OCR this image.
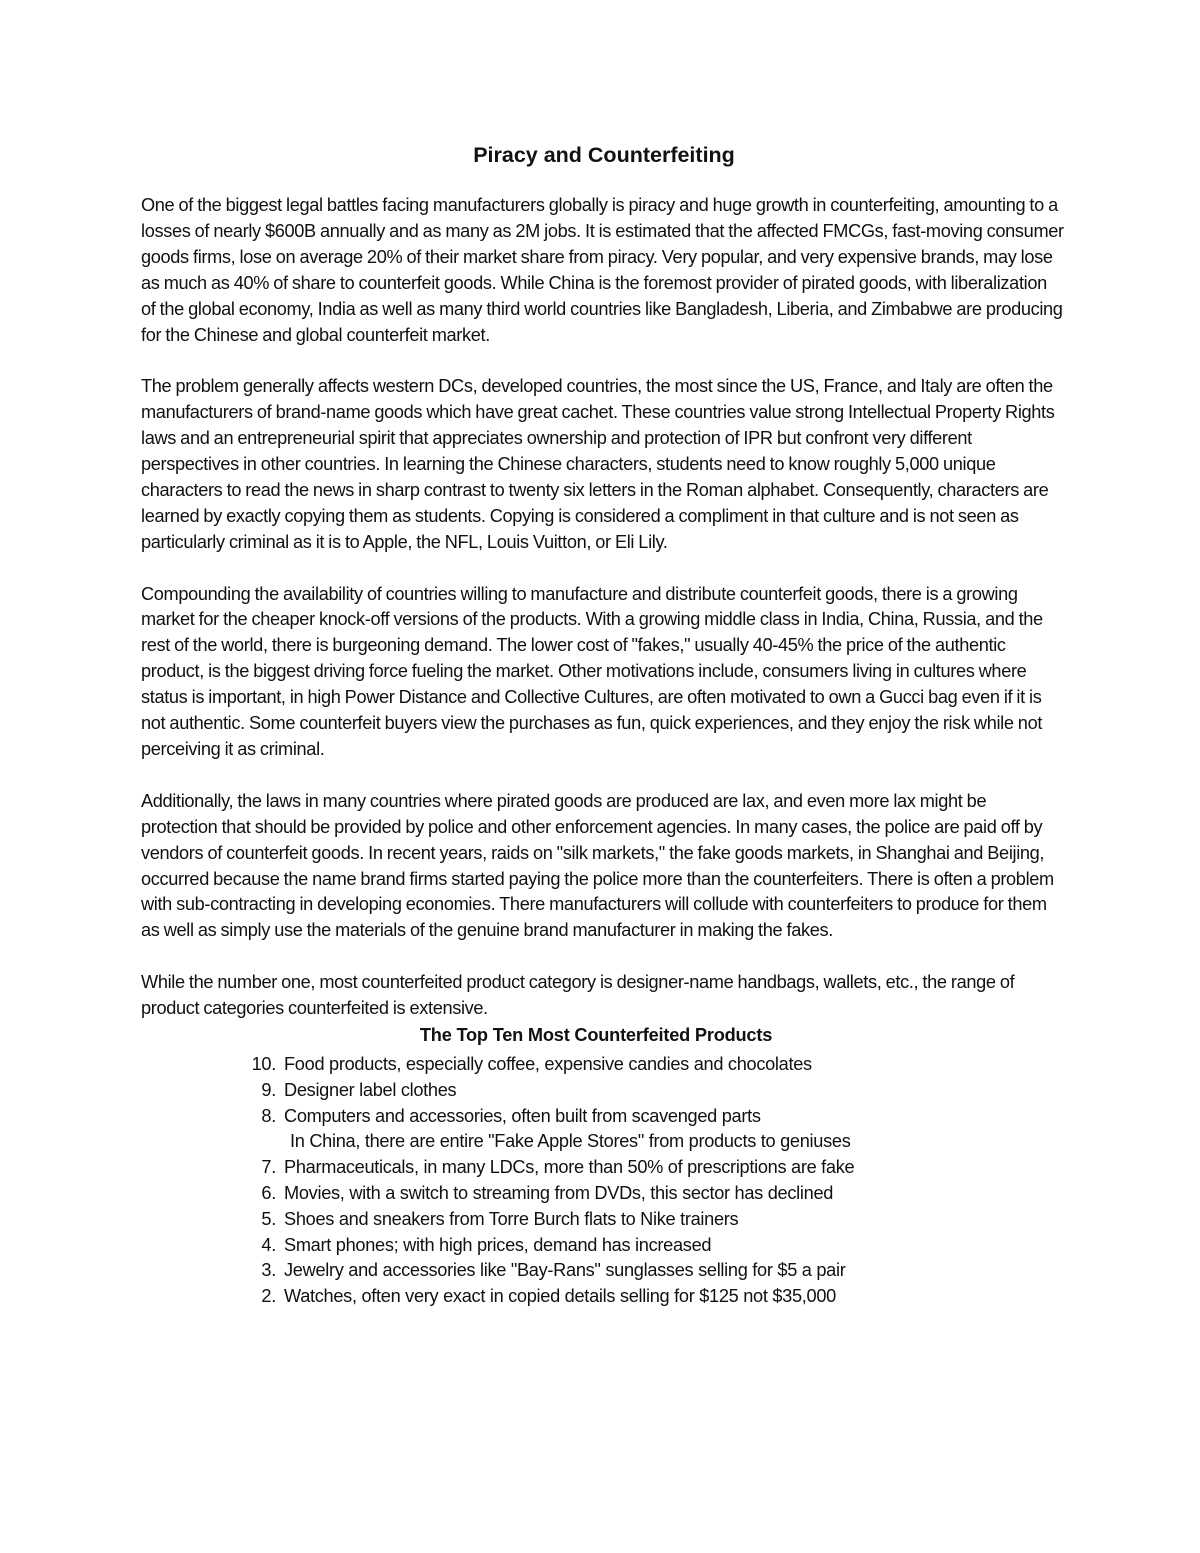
Piracy and Counterfeiting

One of the biggest legal battles facing manufacturers globally is piracy and huge growth in counterfeiting, amounting to a losses of nearly $600B annually and as many as 2M jobs. It is estimated that the affected FMCGs, fast-moving consumer goods firms, lose on average 20% of their market share from piracy. Very popular, and very expensive brands, may lose as much as 40% of share to counterfeit goods. While China is the foremost provider of pirated goods, with liberalization of the global economy, India as well as many third world countries like Bangladesh, Liberia, and Zimbabwe are producing for the Chinese and global counterfeit market.

The problem generally affects western DCs, developed countries, the most since the US, France, and Italy are often the manufacturers of brand-name goods which have great cachet. These countries value strong Intellectual Property Rights laws and an entrepreneurial spirit that appreciates ownership and protection of IPR but confront very different perspectives in other countries. In learning the Chinese characters, students need to know roughly 5,000 unique characters to read the news in sharp contrast to twenty six letters in the Roman alphabet. Consequently, characters are learned by exactly copying them as students. Copying is considered a compliment in that culture and is not seen as particularly criminal as it is to Apple, the NFL, Louis Vuitton, or Eli Lily.

Compounding the availability of countries willing to manufacture and distribute counterfeit goods, there is a growing market for the cheaper knock-off versions of the products. With a growing middle class in India, China, Russia, and the rest of the world, there is burgeoning demand. The lower cost of "fakes," usually 40-45% the price of the authentic product, is the biggest driving force fueling the market. Other motivations include, consumers living in cultures where status is important, in high Power Distance and Collective Cultures, are often motivated to own a Gucci bag even if it is not authentic. Some counterfeit buyers view the purchases as fun, quick experiences, and they enjoy the risk while not perceiving it as criminal.

Additionally, the laws in many countries where pirated goods are produced are lax, and even more lax might be protection that should be provided by police and other enforcement agencies. In many cases, the police are paid off by vendors of counterfeit goods. In recent years, raids on "silk markets," the fake goods markets, in Shanghai and Beijing, occurred because the name brand firms started paying the police more than the counterfeiters. There is often a problem with sub-contracting in developing economies. There manufacturers will collude with counterfeiters to produce for them as well as simply use the materials of the genuine brand manufacturer in making the fakes.

While the number one, most counterfeited product category is designer-name handbags, wallets, etc., the range of product categories counterfeited is extensive.

The Top Ten Most Counterfeited Products
10. Food products, especially coffee, expensive candies and chocolates
9. Designer label clothes
8. Computers and accessories, often built from scavenged parts
In China, there are entire "Fake Apple Stores" from products to geniuses
7. Pharmaceuticals, in many LDCs, more than 50% of prescriptions are fake
6. Movies, with a switch to streaming from DVDs, this sector has declined
5. Shoes and sneakers from Torre Burch flats to Nike trainers
4. Smart phones; with high prices, demand has increased
3. Jewelry and accessories like "Bay-Rans" sunglasses selling for $5 a pair
2. Watches, often very exact in copied details selling for $125 not $35,000
